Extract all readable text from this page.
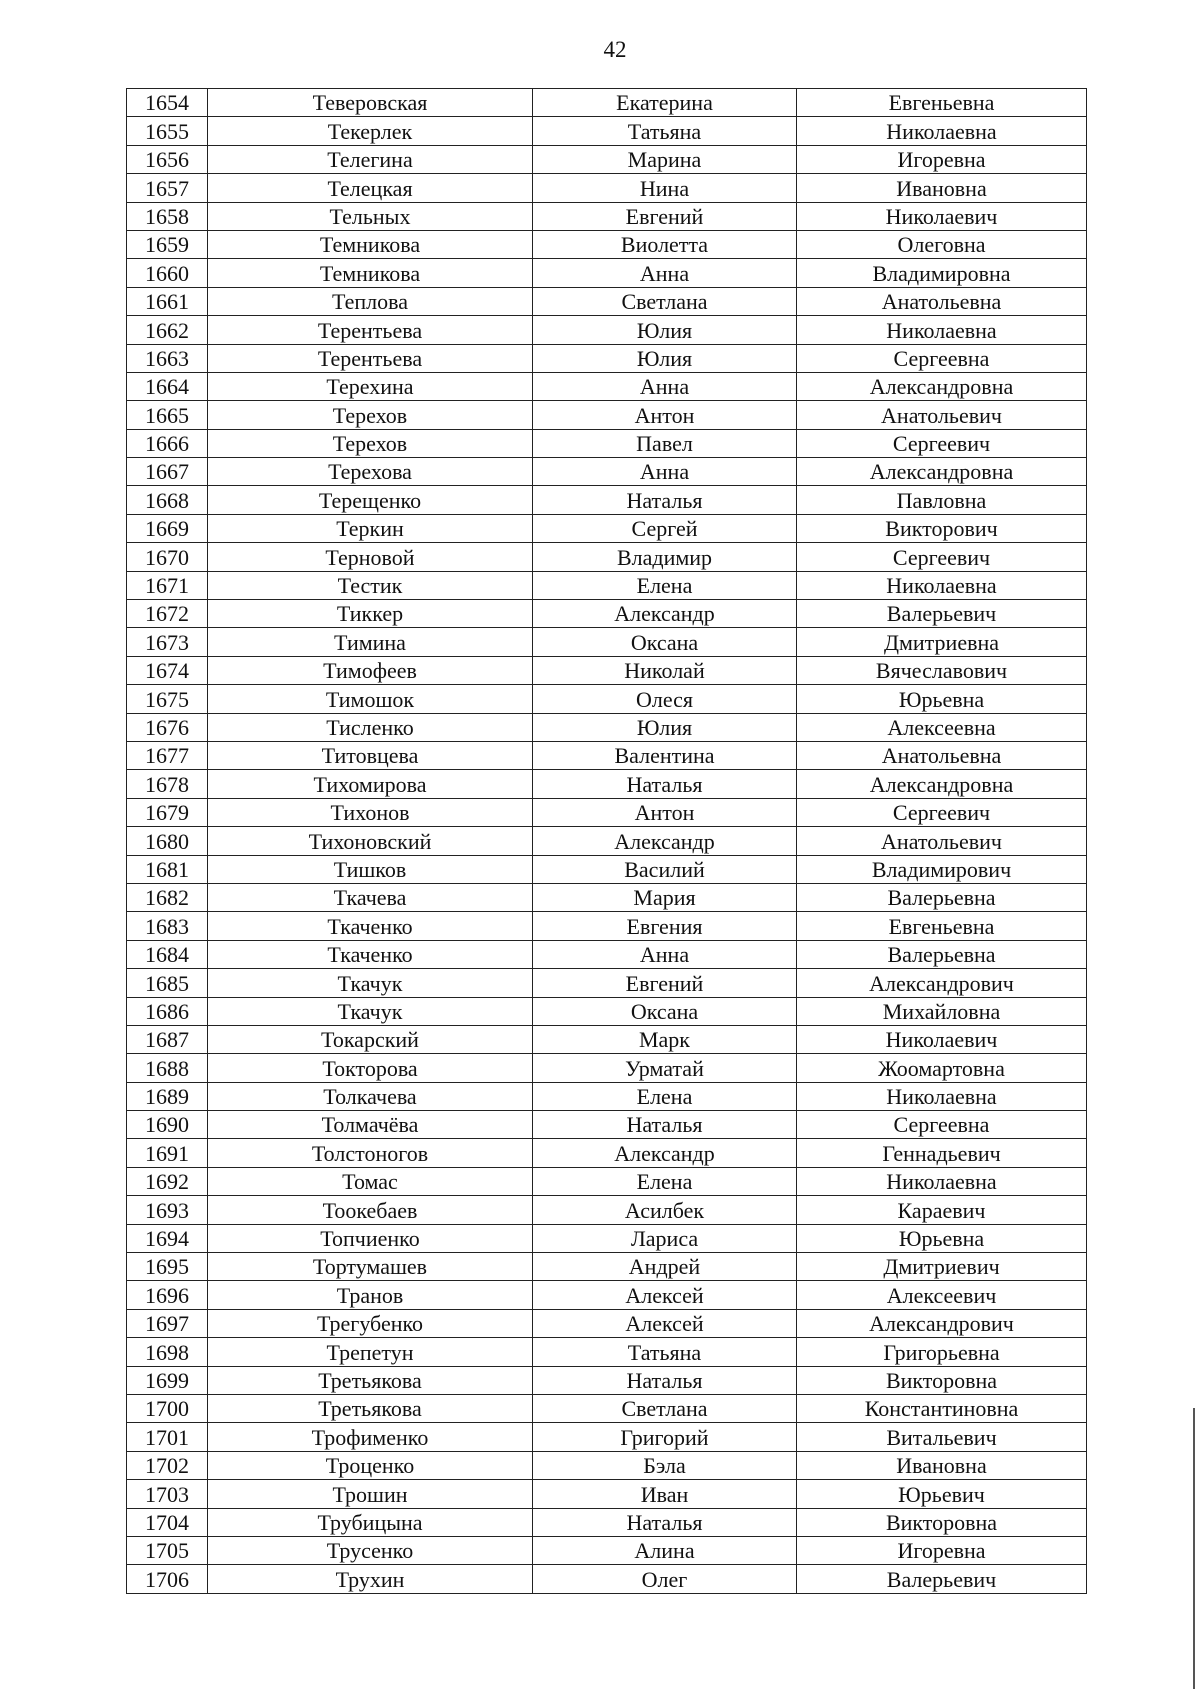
42
1654	Теверовская	Екатерина	Евгеньевна
1655	Текерлек	Татьяна	Николаевна
1656	Телегина	Марина	Игоревна
1657	Телецкая	Нина	Ивановна
1658	Тельных	Евгений	Николаевич
1659	Темникова	Виолетта	Олеговна
1660	Темникова	Анна	Владимировна
1661	Теплова	Светлана	Анатольевна
1662	Терентьева	Юлия	Николаевна
1663	Терентьева	Юлия	Сергеевна
1664	Терехина	Анна	Александровна
1665	Терехов	Антон	Анатольевич
1666	Терехов	Павел	Сергеевич
1667	Терехова	Анна	Александровна
1668	Терещенко	Наталья	Павловна
1669	Теркин	Сергей	Викторович
1670	Терновой	Владимир	Сергеевич
1671	Тестик	Елена	Николаевна
1672	Тиккер	Александр	Валерьевич
1673	Тимина	Оксана	Дмитриевна
1674	Тимофеев	Николай	Вячеславович
1675	Тимошок	Олеся	Юрьевна
1676	Тисленко	Юлия	Алексеевна
1677	Титовцева	Валентина	Анатольевна
1678	Тихомирова	Наталья	Александровна
1679	Тихонов	Антон	Сергеевич
1680	Тихоновский	Александр	Анатольевич
1681	Тишков	Василий	Владимирович
1682	Ткачева	Мария	Валерьевна
1683	Ткаченко	Евгения	Евгеньевна
1684	Ткаченко	Анна	Валерьевна
1685	Ткачук	Евгений	Александрович
1686	Ткачук	Оксана	Михайловна
1687	Токарский	Марк	Николаевич
1688	Токторова	Урматай	Жоомартовна
1689	Толкачева	Елена	Николаевна
1690	Толмачёва	Наталья	Сергеевна
1691	Толстоногов	Александр	Геннадьевич
1692	Томас	Елена	Николаевна
1693	Тоокебаев	Асилбек	Караевич
1694	Топчиенко	Лариса	Юрьевна
1695	Тортумашев	Андрей	Дмитриевич
1696	Транов	Алексей	Алексеевич
1697	Трегубенко	Алексей	Александрович
1698	Трепетун	Татьяна	Григорьевна
1699	Третьякова	Наталья	Викторовна
1700	Третьякова	Светлана	Константиновна
1701	Трофименко	Григорий	Витальевич
1702	Троценко	Бэла	Ивановна
1703	Трошин	Иван	Юрьевич
1704	Трубицына	Наталья	Викторовна
1705	Трусенко	Алина	Игоревна
1706	Трухин	Олег	Валерьевич
